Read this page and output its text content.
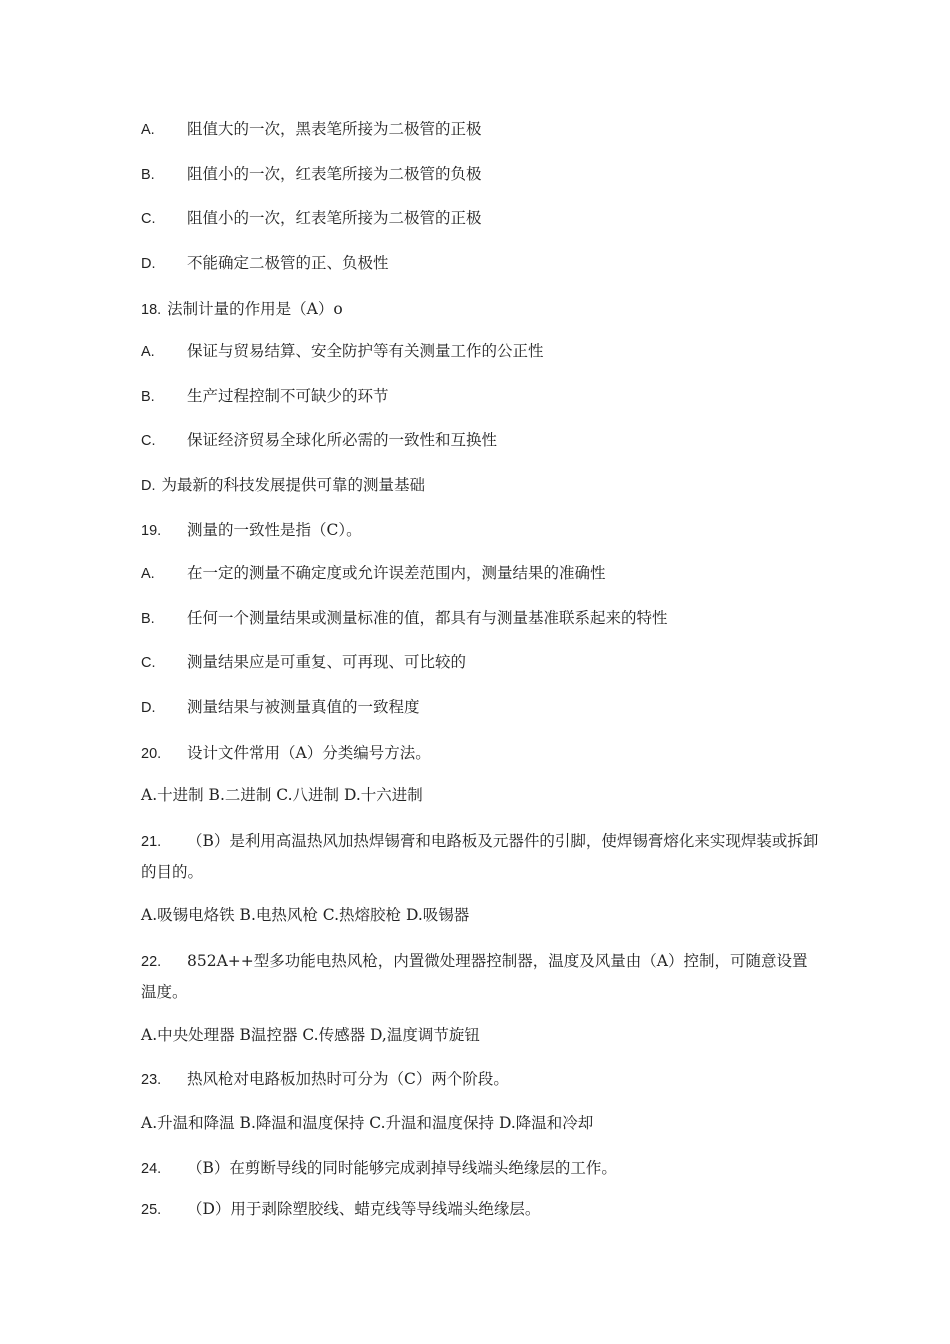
A. 阻值大的一次，黑表笔所接为二极管的正极
B. 阻值小的一次，红表笔所接为二极管的负极
C. 阻值小的一次，红表笔所接为二极管的正极
D. 不能确定二极管的正、负极性
18. 法制计量的作用是（A）o
A. 保证与贸易结算、安全防护等有关测量工作的公正性
B. 生产过程控制不可缺少的环节
C. 保证经济贸易全球化所必需的一致性和互换性
D. 为最新的科技发展提供可靠的测量基础
19. 测量的一致性是指（C）。
A. 在一定的测量不确定度或允许误差范围内，测量结果的准确性
B. 任何一个测量结果或测量标准的值，都具有与测量基准联系起来的特性
C. 测量结果应是可重复、可再现、可比较的
D. 测量结果与被测量真值的一致程度
20. 设计文件常用（A）分类编号方法。
A.十进制 B.二进制 C.八进制 D.十六进制
21. （B）是利用高温热风加热焊锡膏和电路板及元器件的引脚，使焊锡膏熔化来实现焊装或拆卸的目的。
A.吸锡电烙铁 B.电热风枪 C.热熔胶枪 D.吸锡器
22. 852A++型多功能电热风枪，内置微处理器控制器，温度及风量由（A）控制，可随意设置温度。
A.中央处理器 B温控器 C.传感器 D,温度调节旋钮
23. 热风枪对电路板加热时可分为（C）两个阶段。
A.升温和降温 B.降温和温度保持 C.升温和温度保持 D.降温和冷却
24. （B）在剪断导线的同时能够完成剥掉导线端头绝缘层的工作。
25. （D）用于剥除塑胶线、蜡克线等导线端头绝缘层。
